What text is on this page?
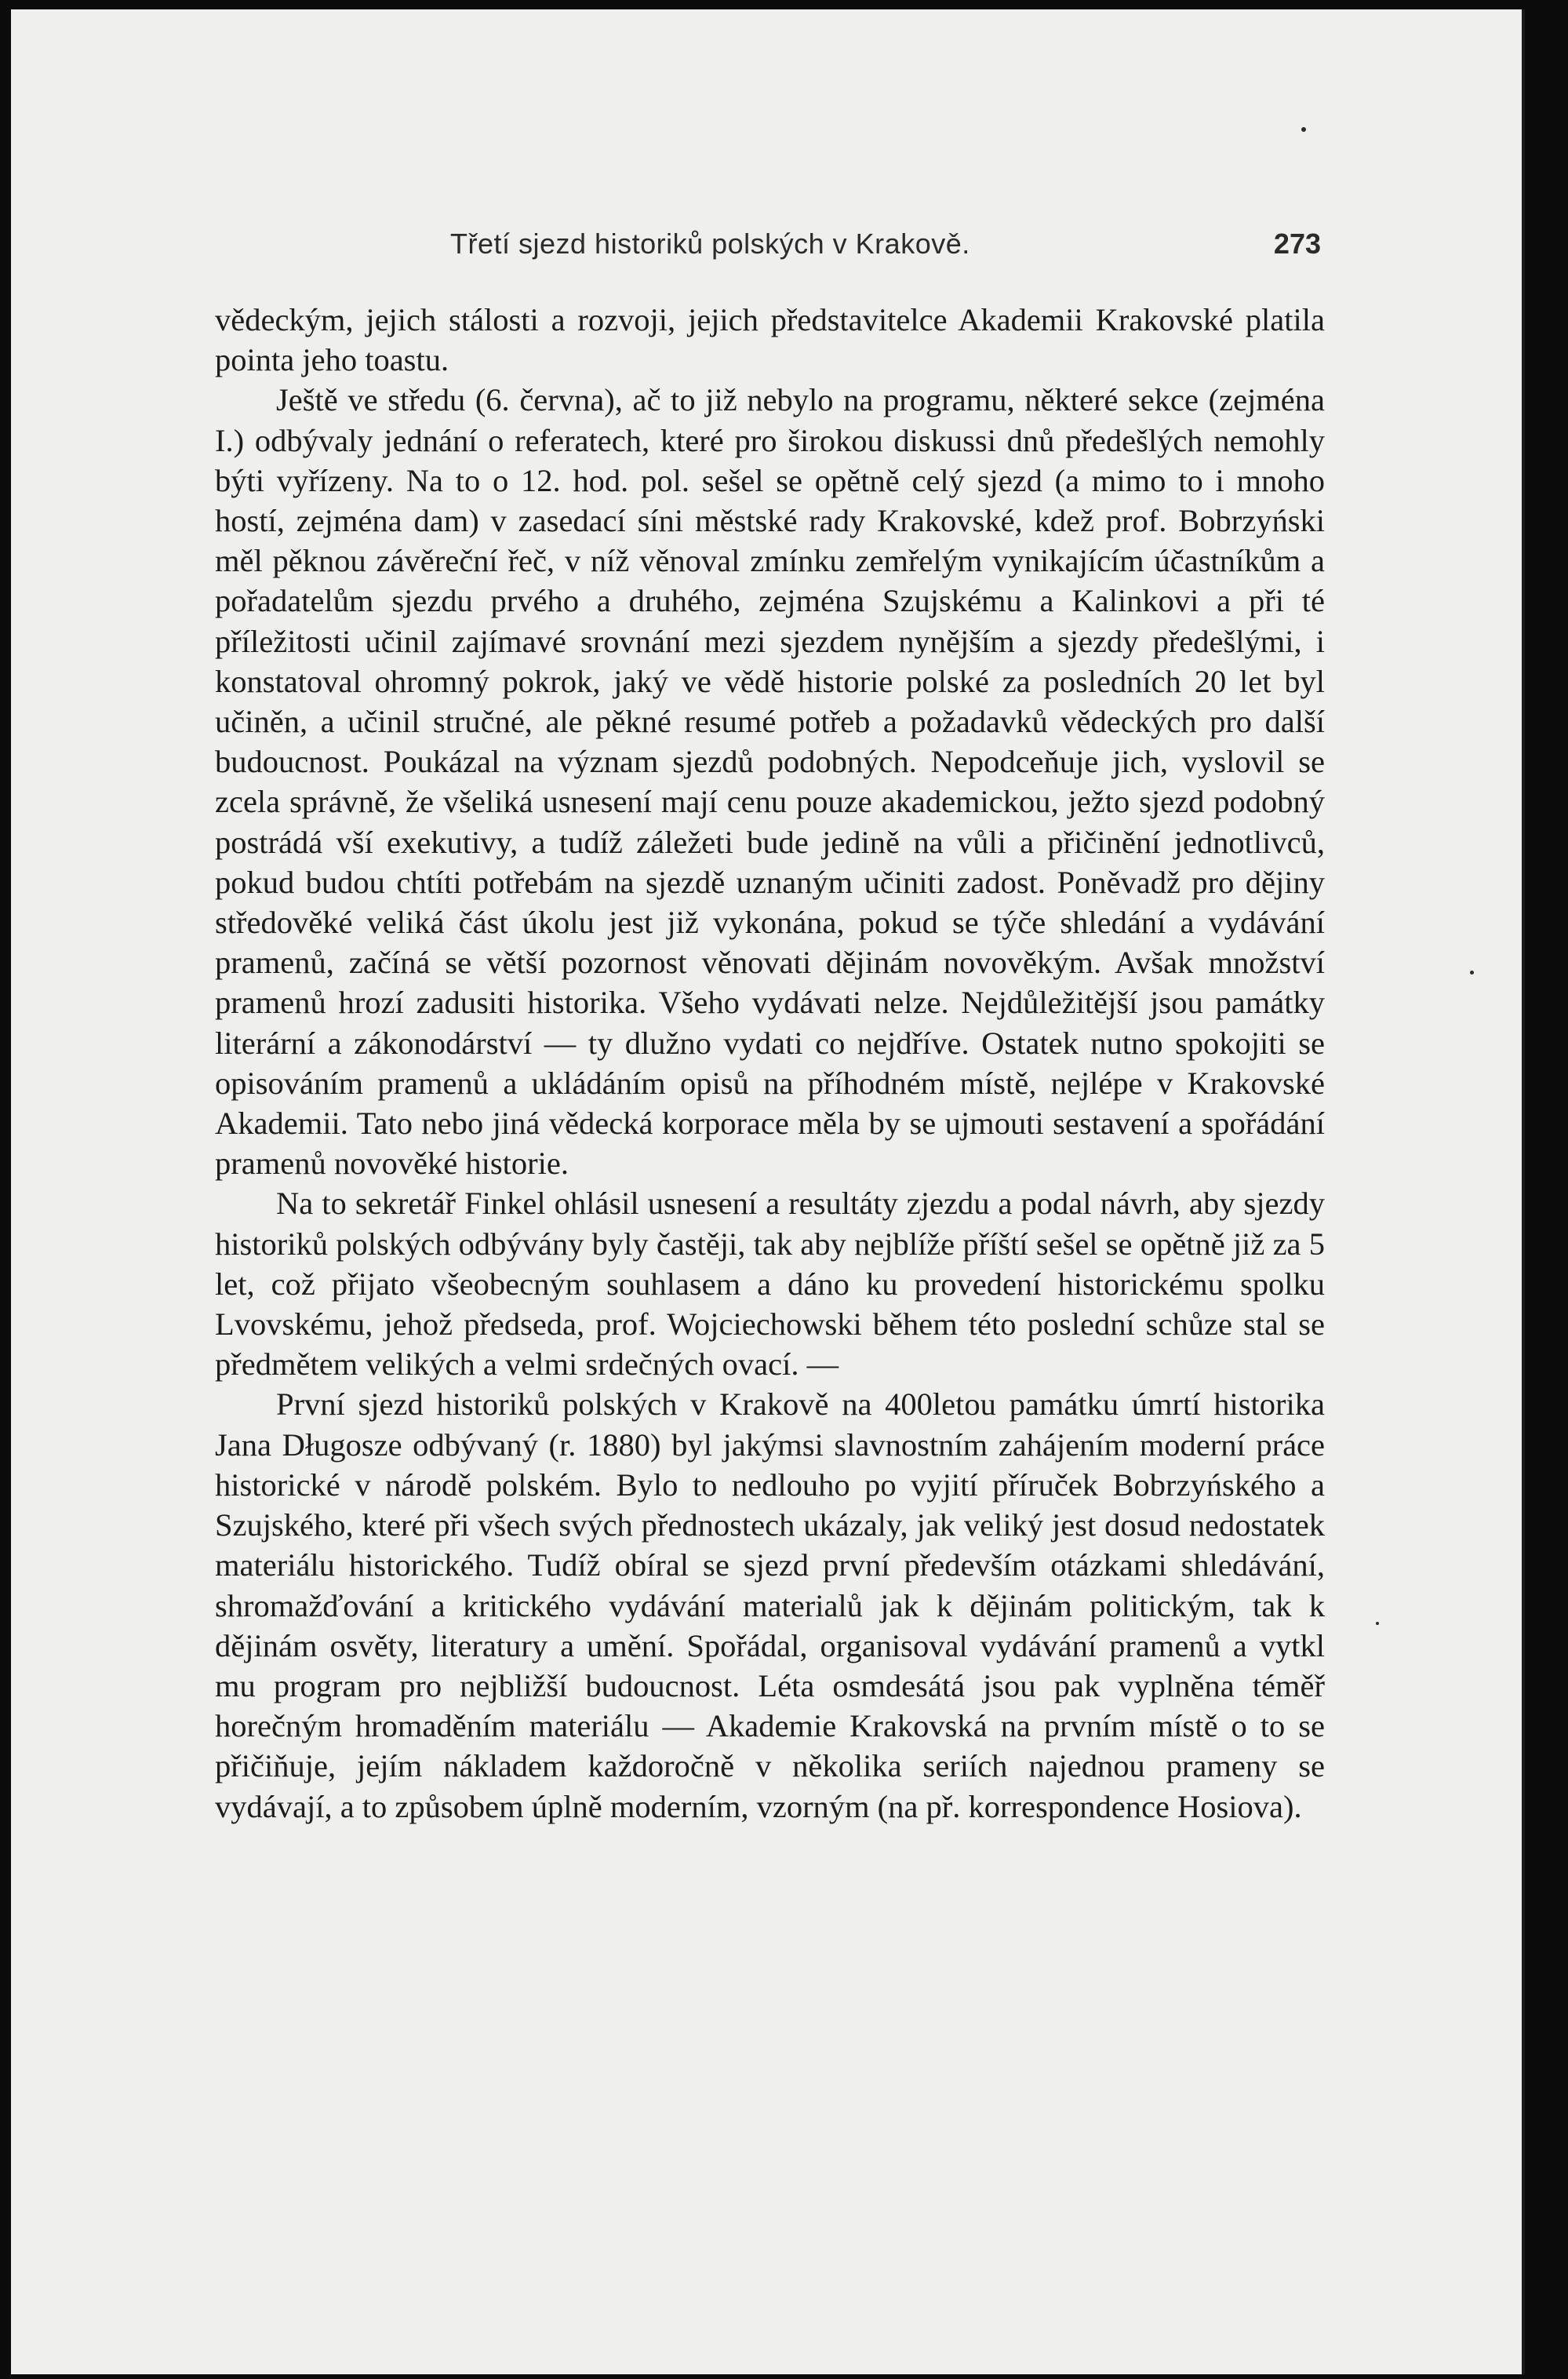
Třetí sjezd historiků polských v Krakově.	273

vědeckým, jejich stálosti a rozvoji, jejich představitelce Akademii Krakovské platila pointa jeho toastu.

Ještě ve středu (6. června), ač to již nebylo na programu, některé sekce (zejména I.) odbývaly jednání o referatech, které pro širokou diskussi dnů předešlých nemohly býti vyřízeny. Na to o 12. hod. pol. sešel se opětně celý sjezd (a mimo to i mnoho hostí, zejména dam) v zasedací síni městské rady Krakovské, kdež prof. Bobrzyński měl pěknou závěreční řeč, v níž věnoval zmínku zemřelým vynikajícím účastníkům a pořadatelům sjezdu prvého a druhého, zejména Szujskému a Kalinkovi a při té příležitosti učinil zajímavé srovnání mezi sjezdem nynějším a sjezdy předešlými, i konstatoval ohromný pokrok, jaký ve vědě historie polské za posledních 20 let byl učiněn, a učinil stručné, ale pěkné resumé potřeb a požadavků vědeckých pro další budoucnost. Poukázal na význam sjezdů podobných. Nepodceňuje jich, vyslovil se zcela správně, že všeliká usnesení mají cenu pouze akademickou, ježto sjezd podobný postrádá vší exekutivy, a tudíž záležeti bude jedině na vůli a přičinění jednotlivců, pokud budou chtíti potřebám na sjezdě uznaným učiniti zadost. Poněvadž pro dějiny středověké veliká část úkolu jest již vykonána, pokud se týče shledání a vydávání pramenů, začíná se větší pozornost věnovati dějinám novověkým. Avšak množství pramenů hrozí zadusiti historika. Všeho vydávati nelze. Nejdůležitější jsou památky literární a zákonodárství — ty dlužno vydati co nejdříve. Ostatek nutno spokojiti se opisováním pramenů a ukládáním opisů na příhodném místě, nejlépe v Krakovské Akademii. Tato nebo jiná vědecká korporace měla by se ujmouti sestavení a spořádání pramenů novověké historie.

Na to sekretář Finkel ohlásil usnesení a resultáty zjezdu a podal návrh, aby sjezdy historiků polských odbývány byly častěji, tak aby nejblíže příští sešel se opětně již za 5 let, což přijato všeobecným souhlasem a dáno ku provedení historickému spolku Lvovskému, jehož předseda, prof. Wojciechowski během této poslední schůze stal se předmětem velikých a velmi srdečných ovací. —

První sjezd historiků polských v Krakově na 400letou památku úmrtí historika Jana Długosze odbývaný (r. 1880) byl jakýmsi slavnostním zahájením moderní práce historické v národě polském. Bylo to nedlouho po vyjití příruček Bobrzyńského a Szujského, které při všech svých přednostech ukázaly, jak veliký jest dosud nedostatek materiálu historického. Tudíž obíral se sjezd první především otázkami shledávání, shromažďování a kritického vydávání materialů jak k dějinám politickým, tak k dějinám osvěty, literatury a umění. Spořádal, organisoval vydávání pramenů a vytkl mu program pro nejbližší budoucnost. Léta osmdesátá jsou pak vyplněna téměř horečným hromaděním materiálu — Akademie Krakovská na prvním místě o to se přičiňuje, jejím nákladem každoročně v několika seriích najednou prameny se vydávají, a to způsobem úplně moderním, vzorným (na př. korrespondence Hosiova).
